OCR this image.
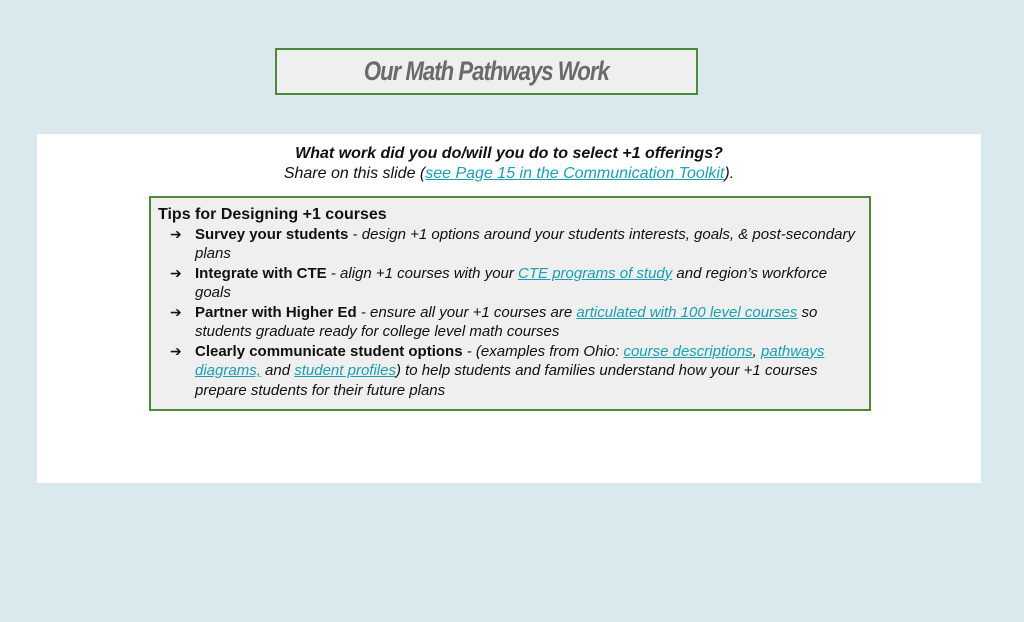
Our Math Pathways Work
What work did you do/will you do to select +1 offerings?
Share on this slide (see Page 15 in the Communication Toolkit).
Tips for Designing +1 courses
➔ Survey your students - design +1 options around your students interests, goals, & post-secondary plans
➔ Integrate with CTE - align +1 courses with your CTE programs of study and region’s workforce goals
➔ Partner with Higher Ed - ensure all your +1 courses are articulated with 100 level courses so students graduate ready for college level math courses
➔ Clearly communicate student options - (examples from Ohio: course descriptions, pathways diagrams, and student profiles) to help students and families understand how your +1 courses prepare students for their future plans
